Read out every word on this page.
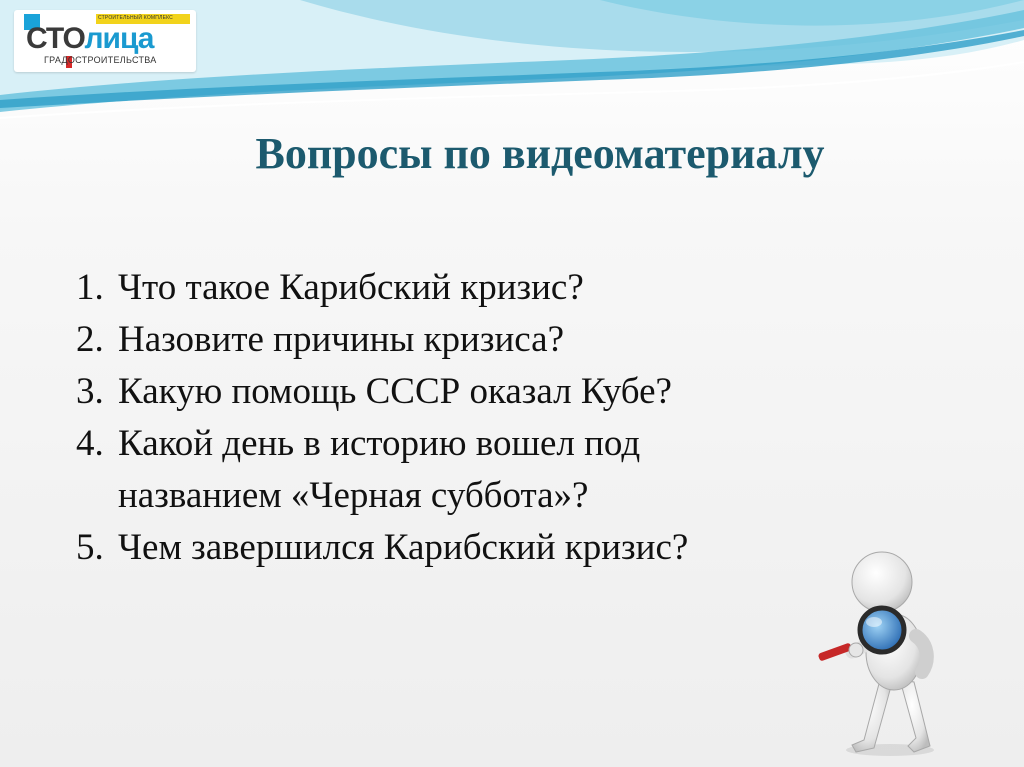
СТРОИТЕЛЬНЫЙ КОМПЛЕКС
СТОлица
ГРАДОСТРОИТЕЛЬСТВА
Вопросы по видеоматериалу
1. Что такое Карибский кризис?
2. Назовите причины кризиса?
3. Какую помощь СССР оказал Кубе?
4. Какой день в историю вошел под
названием «Черная суббота»?
5. Чем завершился Карибский кризис?
